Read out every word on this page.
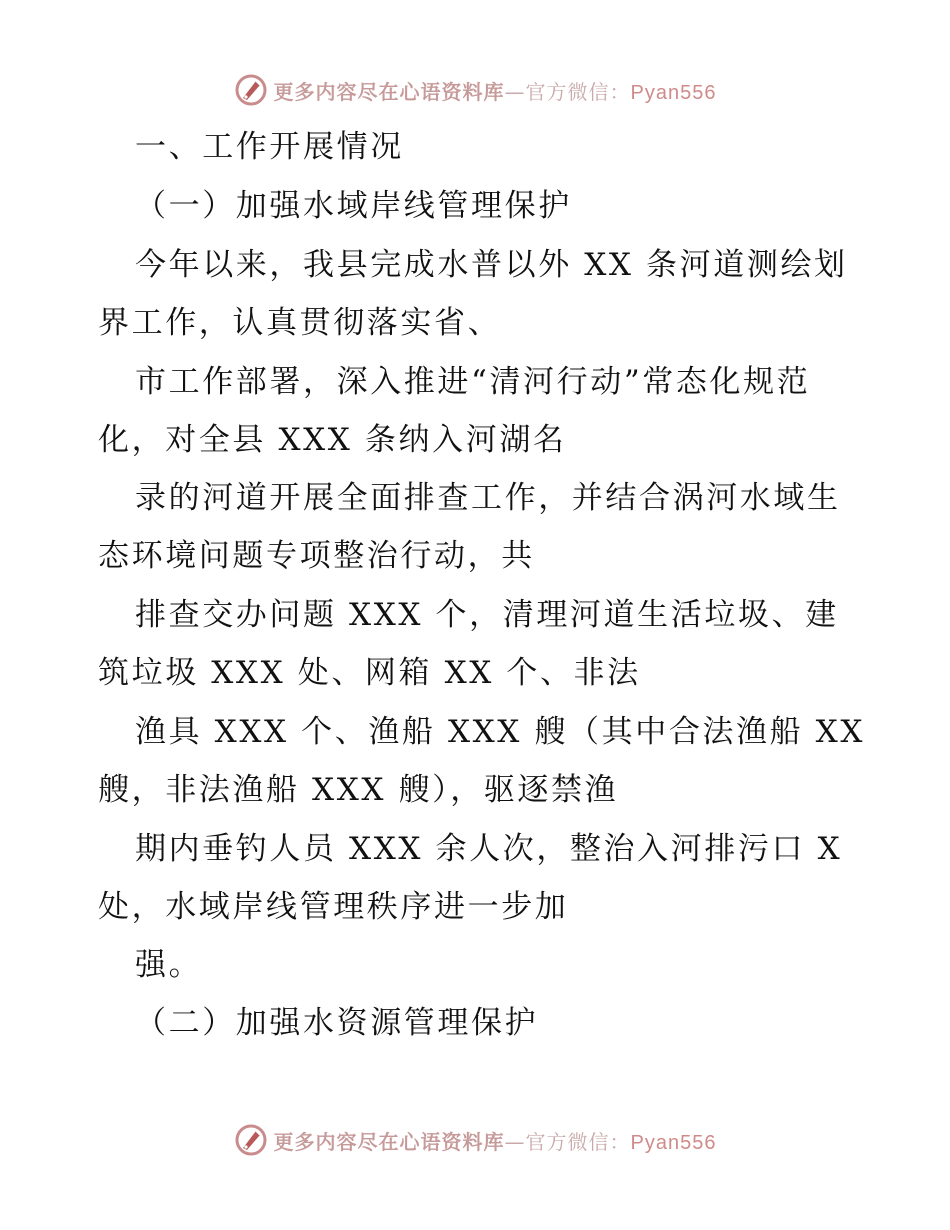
更多内容尽在心语资料库—官方微信：Pyan556
一、工作开展情况
（一）加强水域岸线管理保护
今年以来，我县完成水普以外 XX 条河道测绘划
界工作，认真贯彻落实省、
市工作部署，深入推进“清河行动”常态化规范
化，对全县 XXX 条纳入河湖名
录的河道开展全面排查工作，并结合涡河水域生
态环境问题专项整治行动，共
排查交办问题 XXX 个，清理河道生活垃圾、建
筑垃圾 XXX 处、网箱 XX 个、非法
渔具 XXX 个、渔船 XXX 艘（其中合法渔船 XX
艘，非法渔船 XXX 艘），驱逐禁渔
期内垂钓人员 XXX 余人次，整治入河排污口 X
处，水域岸线管理秩序进一步加
强。
（二）加强水资源管理保护
更多内容尽在心语资料库—官方微信：Pyan556
